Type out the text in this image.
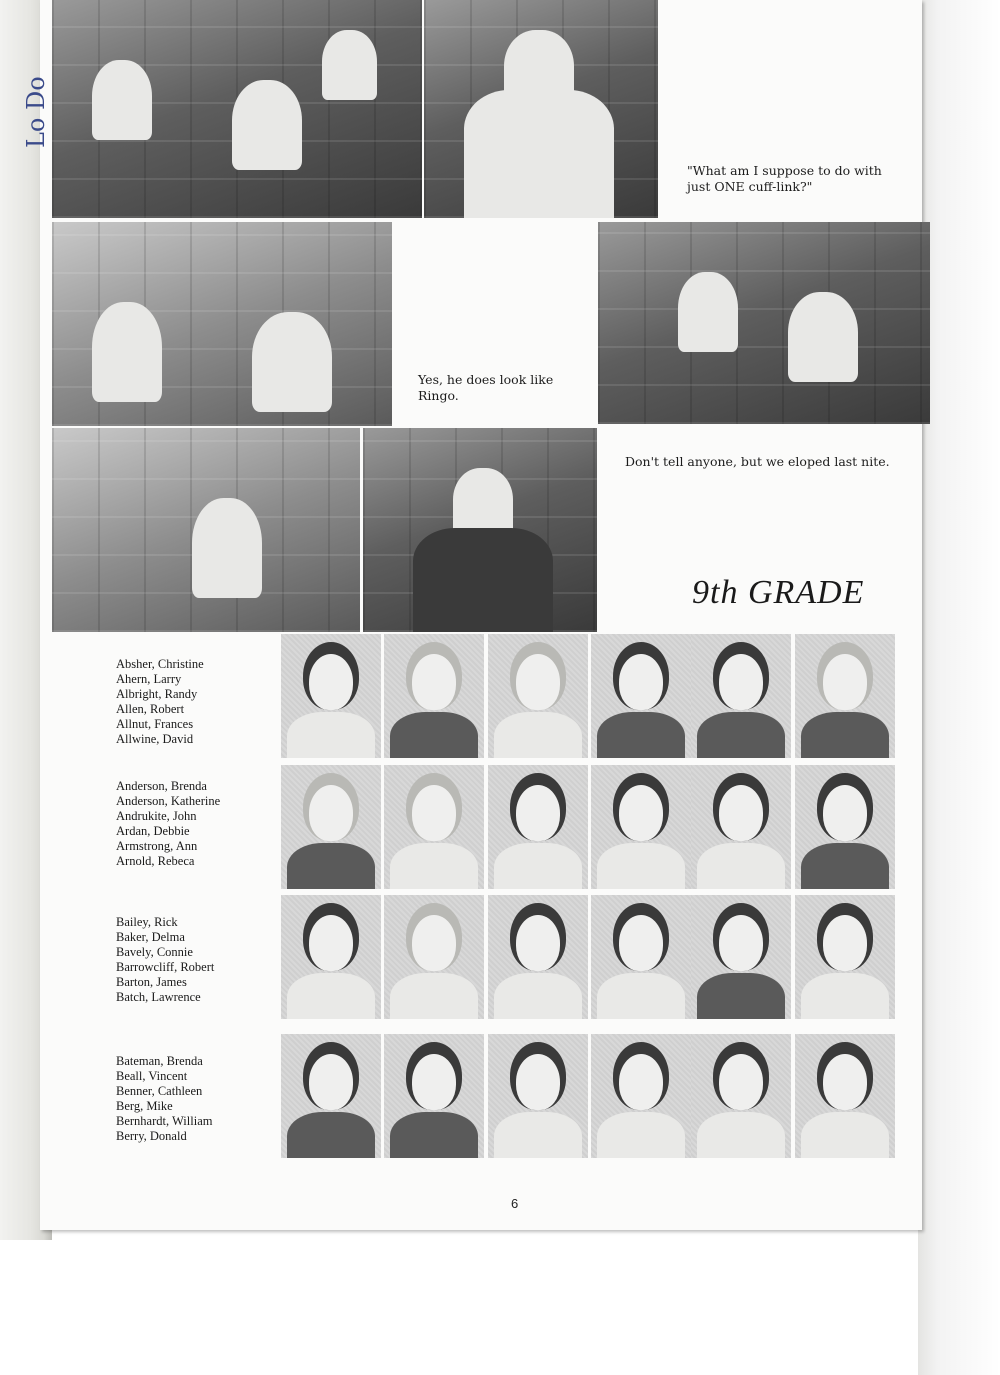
Lo Do
"What am I suppose to do with just ONE cuff-link?"
Yes, he does look like Ringo.
Don't tell anyone, but we eloped last nite.
9th GRADE
Absher, Christine
Ahern, Larry
Albright, Randy
Allen, Robert
Allnut, Frances
Allwine, David
Anderson, Brenda
Anderson, Katherine
Andrukite, John
Ardan, Debbie
Armstrong, Ann
Arnold, Rebeca
Bailey, Rick
Baker, Delma
Bavely, Connie
Barrowcliff, Robert
Barton, James
Batch, Lawrence
Bateman, Brenda
Beall, Vincent
Benner, Cathleen
Berg, Mike
Bernhardt, William
Berry, Donald
6
